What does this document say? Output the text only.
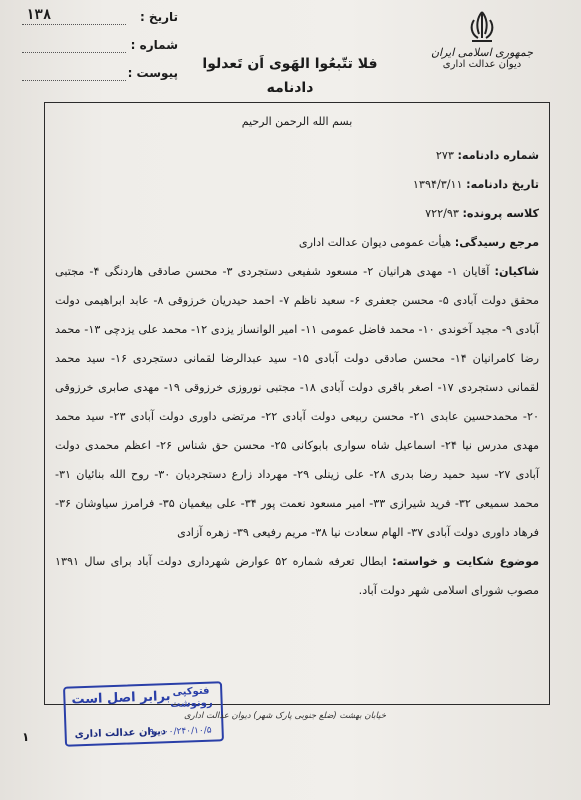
جمهوری اسلامی ایران
دیوان عدالت اداری
فلا تتّبعُوا الهَوی اَن تَعدلوا
دادنامه
تاریخ :
۱۳۸
شماره :
پیوست :
بسم الله الرحمن الرحیم
شماره دادنامه: ۲۷۳
تاریخ دادنامه: ۱۳۹۴/۳/۱۱
کلاسه پرونده: ۷۲۲/۹۳
مرجع رسیدگی: هیأت عمومی دیوان عدالت اداری
شاکیان: آقایان ۱- مهدی هرانیان ۲- مسعود شفیعی دستجردی ۳- محسن صادقی هاردنگی ۴- مجتبی محقق دولت آبادی ۵- محسن جعفری ۶- سعید ناظم ۷- احمد حیدریان خرزوقی ۸- عابد ابراهیمی دولت آبادی ۹- مجید آخوندی ۱۰- محمد فاضل عمومی ۱۱- امیر الوانساز یزدی ۱۲- محمد علی یزدچی ۱۳- محمد رضا کامرانیان ۱۴- محسن صادقی دولت آبادی ۱۵- سید عبدالرضا لقمانی دستجردی ۱۶- سید محمد لقمانی دستجردی ۱۷- اصغر باقری دولت آبادی ۱۸- مجتبی نوروزی خرزوقی ۱۹- مهدی صابری خرزوقی ۲۰- محمدحسین عابدی ۲۱- محسن ربیعی دولت آبادی ۲۲- مرتضی داوری دولت آبادی ۲۳- سید محمد مهدی مدرس نیا ۲۴- اسماعیل شاه سواری بابوکانی ۲۵- محسن حق شناس ۲۶- اعظم محمدی دولت آبادی ۲۷- سید حمید رضا بدری ۲۸- علی زینلی ۲۹- مهرداد زارع دستجردیان ۳۰- روح الله بنائیان ۳۱- محمد سمیعی ۳۲- فرید شیرازی ۳۳- امیر مسعود نعمت پور ۳۴- علی بیغمیان ۳۵- فرامرز سیاوشان ۳۶- فرهاد داوری دولت آبادی ۳۷- الهام سعادت نیا ۳۸- مریم رفیعی ۳۹- زهره آزادی
موضوع شکایت و خواسته: ابطال تعرفه شماره ۵۲ عوارض شهرداری دولت آباد برای سال ۱۳۹۱ مصوب شورای اسلامی شهر دولت آباد.
برابر اصل است فتوکپی
رونوشت
دیوان عدالت اداری
۹۰۰۰۰/۲۴۰/۱۰/۵
خیابان بهشت (ضلع جنوبی پارک شهر) دیوان عدالت اداری
۱
